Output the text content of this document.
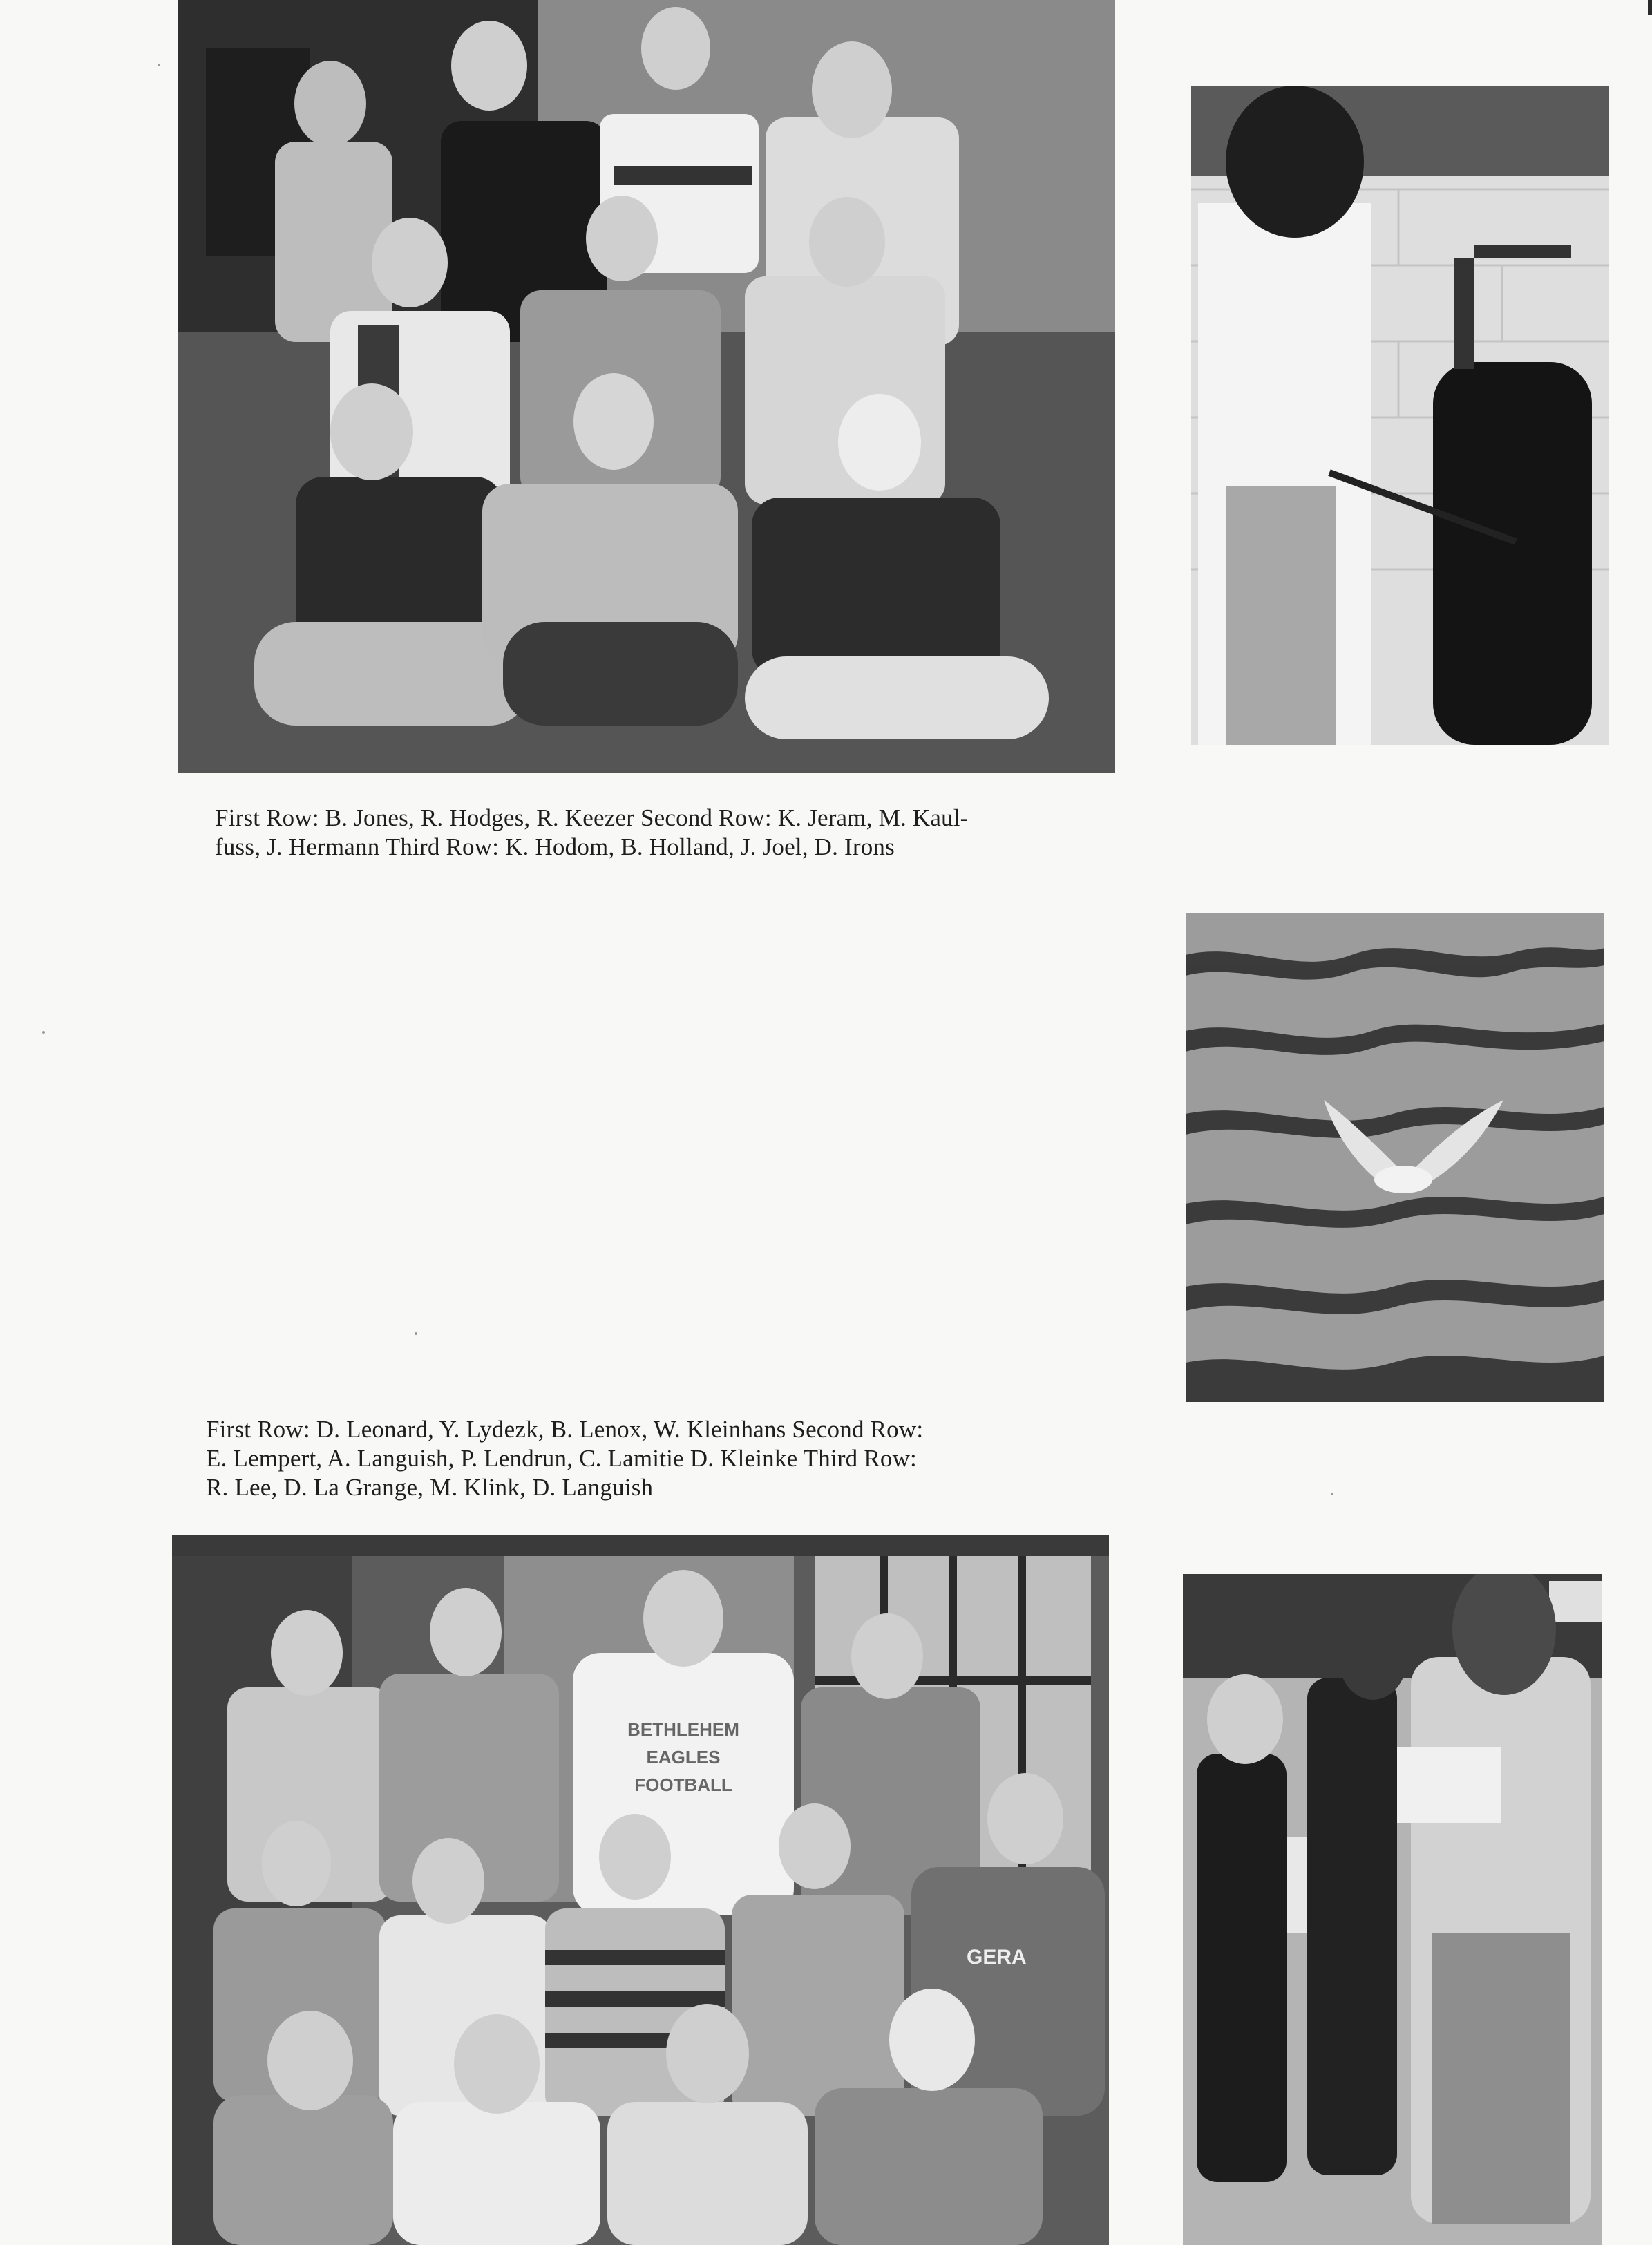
First Row: B. Jones, R. Hodges, R. Keezer Second Row: K. Jeram, M. Kaul-
fuss, J. Hermann Third Row: K. Hodom, B. Holland, J. Joel, D. Irons

First Row: D. Leonard, Y. Lydezk, B. Lenox, W. Kleinhans Second Row:
E. Lempert, A. Languish, P. Lendrun, C. Lamitie D. Kleinke Third Row:
R. Lee, D. La Grange, M. Klink, D. Languish

BETHLEHEM
EAGLES
FOOTBALL
GERA
